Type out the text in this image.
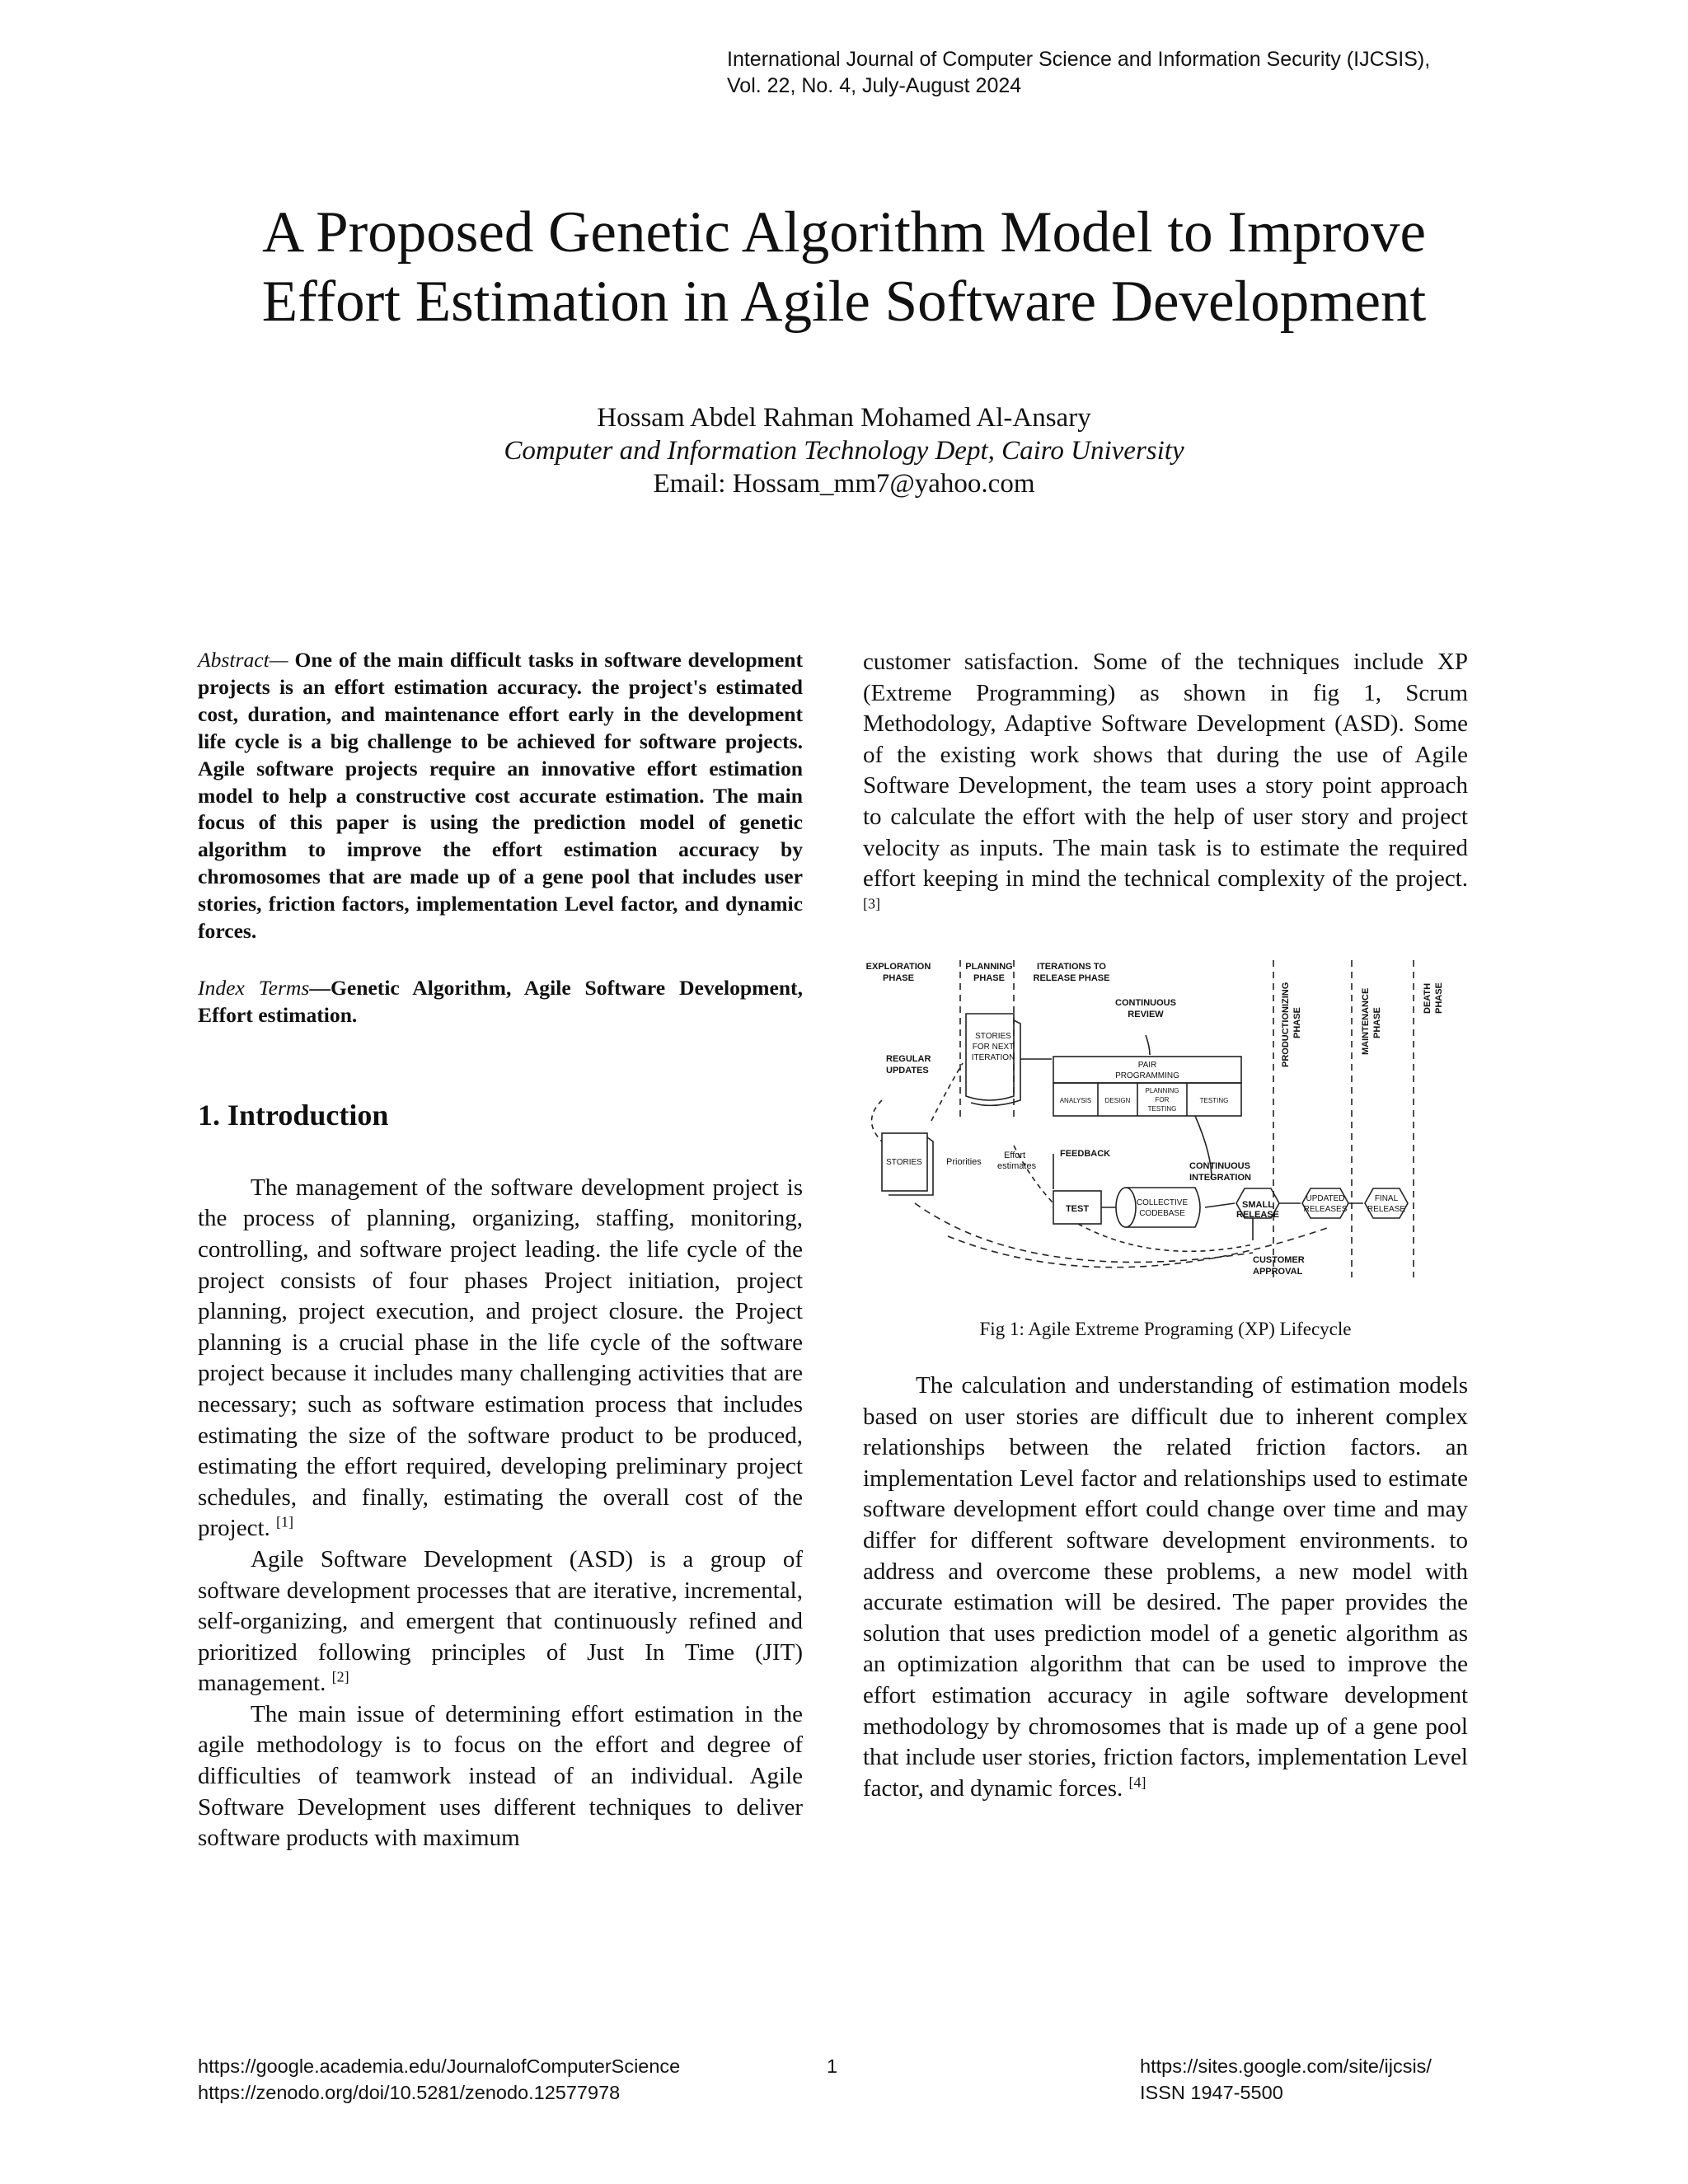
International Journal of Computer Science and Information Security (IJCSIS),
Vol. 22, No. 4, July-August 2024
A Proposed Genetic Algorithm Model to Improve
Effort Estimation in Agile Software Development
Hossam Abdel Rahman Mohamed Al-Ansary
Computer and Information Technology Dept, Cairo University
Email: Hossam_mm7@yahoo.com

Abstract— One of the main difficult tasks in software development projects is an effort estimation accuracy. the project's estimated cost, duration, and maintenance effort early in the development life cycle is a big challenge to be achieved for software projects. Agile software projects require an innovative effort estimation model to help a constructive cost accurate estimation. The main focus of this paper is using the prediction model of genetic algorithm to improve the effort estimation accuracy by chromosomes that are made up of a gene pool that includes user stories, friction factors, implementation Level factor, and dynamic forces.

Index Terms—Genetic Algorithm, Agile Software Development, Effort estimation.

1. Introduction

The management of the software development project is the process of planning, organizing, staffing, monitoring, controlling, and software project leading. the life cycle of the project consists of four phases Project initiation, project planning, project execution, and project closure. the Project planning is a crucial phase in the life cycle of the software project because it includes many challenging activities that are necessary; such as software estimation process that includes estimating the size of the software product to be produced, estimating the effort required, developing preliminary project schedules, and finally, estimating the overall cost of the project. [1]

Agile Software Development (ASD) is a group of software development processes that are iterative, incremental, self-organizing, and emergent that continuously refined and prioritized following principles of Just In Time (JIT) management. [2]

The main issue of determining effort estimation in the agile methodology is to focus on the effort and degree of difficulties of teamwork instead of an individual. Agile Software Development uses different techniques to deliver software products with maximum

customer satisfaction. Some of the techniques include XP (Extreme Programming) as shown in fig 1, Scrum Methodology, Adaptive Software Development (ASD). Some of the existing work shows that during the use of Agile Software Development, the team uses a story point approach to calculate the effort with the help of user story and project velocity as inputs. The main task is to estimate the required effort keeping in mind the technical complexity of the project. [3]

EXPLORATION
PHASE
PLANNING
PHASE
ITERATIONS TO
RELEASE PHASE
CONTINUOUS
REVIEW	PRODUCTIONIZING PHASE	MAINTENANCE PHASE
DEATH PHASE
REGULAR
UPDATES
SMALL
RELEASE
FEEDBACK
CONTINUOUS
INTEGRATION
TEST
CUSTOMER
APPROVAL
STORIES
FOR NEXT
ITERATION
PAIR
PROGRAMMING
ANALYSIS DESIGN
PLANNING
FOR
TESTING
TESTING
STORIES	Priorities
Effort
estimates
COLLECTIVE
CODEBASE
UPDATED
RELEASES
FINAL
RELEASE
Fig 1: Agile Extreme Programing (XP) Lifecycle

The calculation and understanding of estimation models based on user stories are difficult due to inherent complex relationships between the related friction factors. an implementation Level factor and relationships used to estimate software development effort could change over time and may differ for different software development environments. to address and overcome these problems, a new model with accurate estimation will be desired. The paper provides the solution that uses prediction model of a genetic algorithm as an optimization algorithm that can be used to improve the effort estimation accuracy in agile software development methodology by chromosomes that is made up of a gene pool that include user stories, friction factors, implementation Level factor, and dynamic forces. [4]

https://google.academia.edu/JournalofComputerScience
https://zenodo.org/doi/10.5281/zenodo.12577978
1	https://sites.google.com/site/ijcsis/
ISSN 1947-5500
